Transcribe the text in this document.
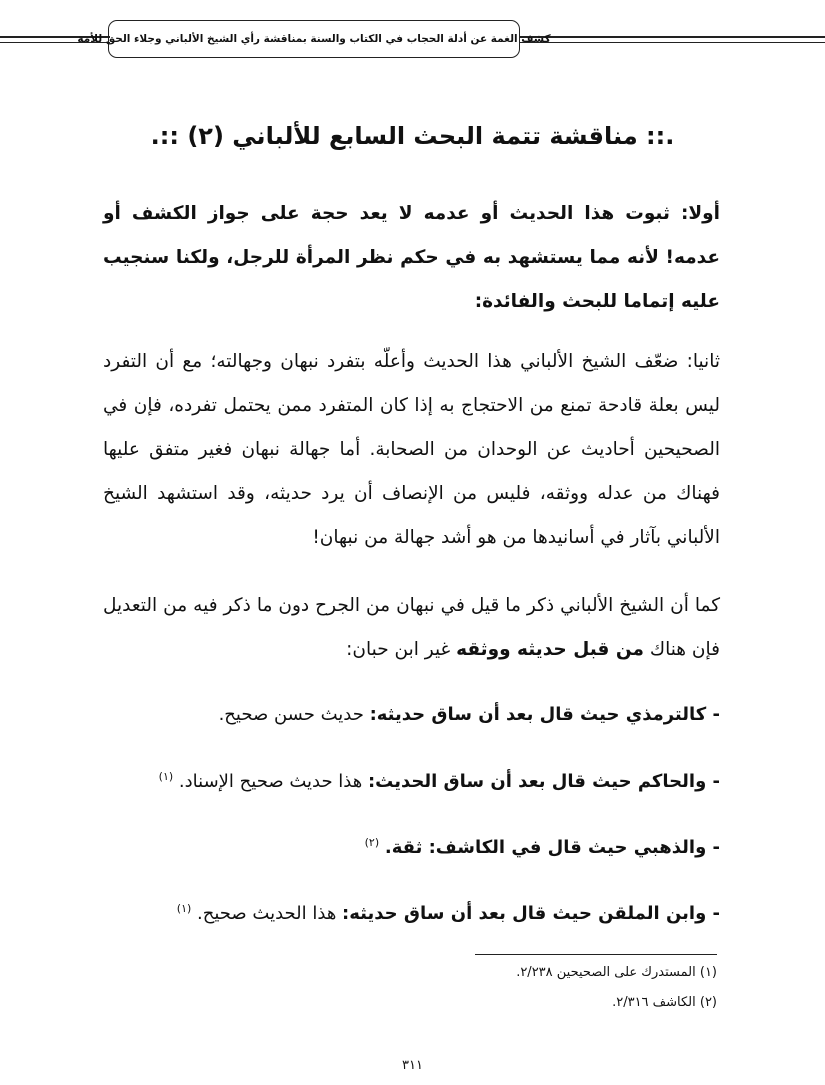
كشف الغمة عن أدلة الحجاب في الكتاب والسنة بمناقشة رأي الشيخ الألباني وجلاء الحق للأمة
.:: مناقشة تتمة البحث السابع للألباني (٢) ::.
أولا: ثبوت هذا الحديث أو عدمه لا يعد حجة على جواز الكشف أو عدمه! لأنه مما يستشهد به في حكم نظر المرأة للرجل، ولكنا سنجيب عليه إتماما للبحث والفائدة:
ثانيا: ضعّف الشيخ الألباني هذا الحديث وأعلّه بتفرد نبهان وجهالته؛ مع أن التفرد ليس بعلة قادحة تمنع من الاحتجاج به إذا كان المتفرد ممن يحتمل تفرده، فإن في الصحيحين أحاديث عن الوحدان من الصحابة. أما جهالة نبهان فغير متفق عليها فهناك من عدله ووثقه، فليس من الإنصاف أن يرد حديثه، وقد استشهد الشيخ الألباني بآثار في أسانيدها من هو أشد جهالة من نبهان!
كما أن الشيخ الألباني ذكر ما قيل في نبهان من الجرح دون ما ذكر فيه من التعديل فإن هناك من قبل حديثه ووثقه غير ابن حبان:
- كالترمذي حيث قال بعد أن ساق حديثه: حديث حسن صحيح.
- والحاكم حيث قال بعد أن ساق الحديث: هذا حديث صحيح الإسناد. $^{(١)}$
- والذهبي حيث قال في الكاشف: ثقة. $^{(٢)}$
- وابن الملقن حيث قال بعد أن ساق حديثه: هذا الحديث صحيح. $^{(١)}$
(١) المستدرك على الصحيحين ٢/٢٣٨.
(٢) الكاشف ٢/٣١٦.
٣١١
